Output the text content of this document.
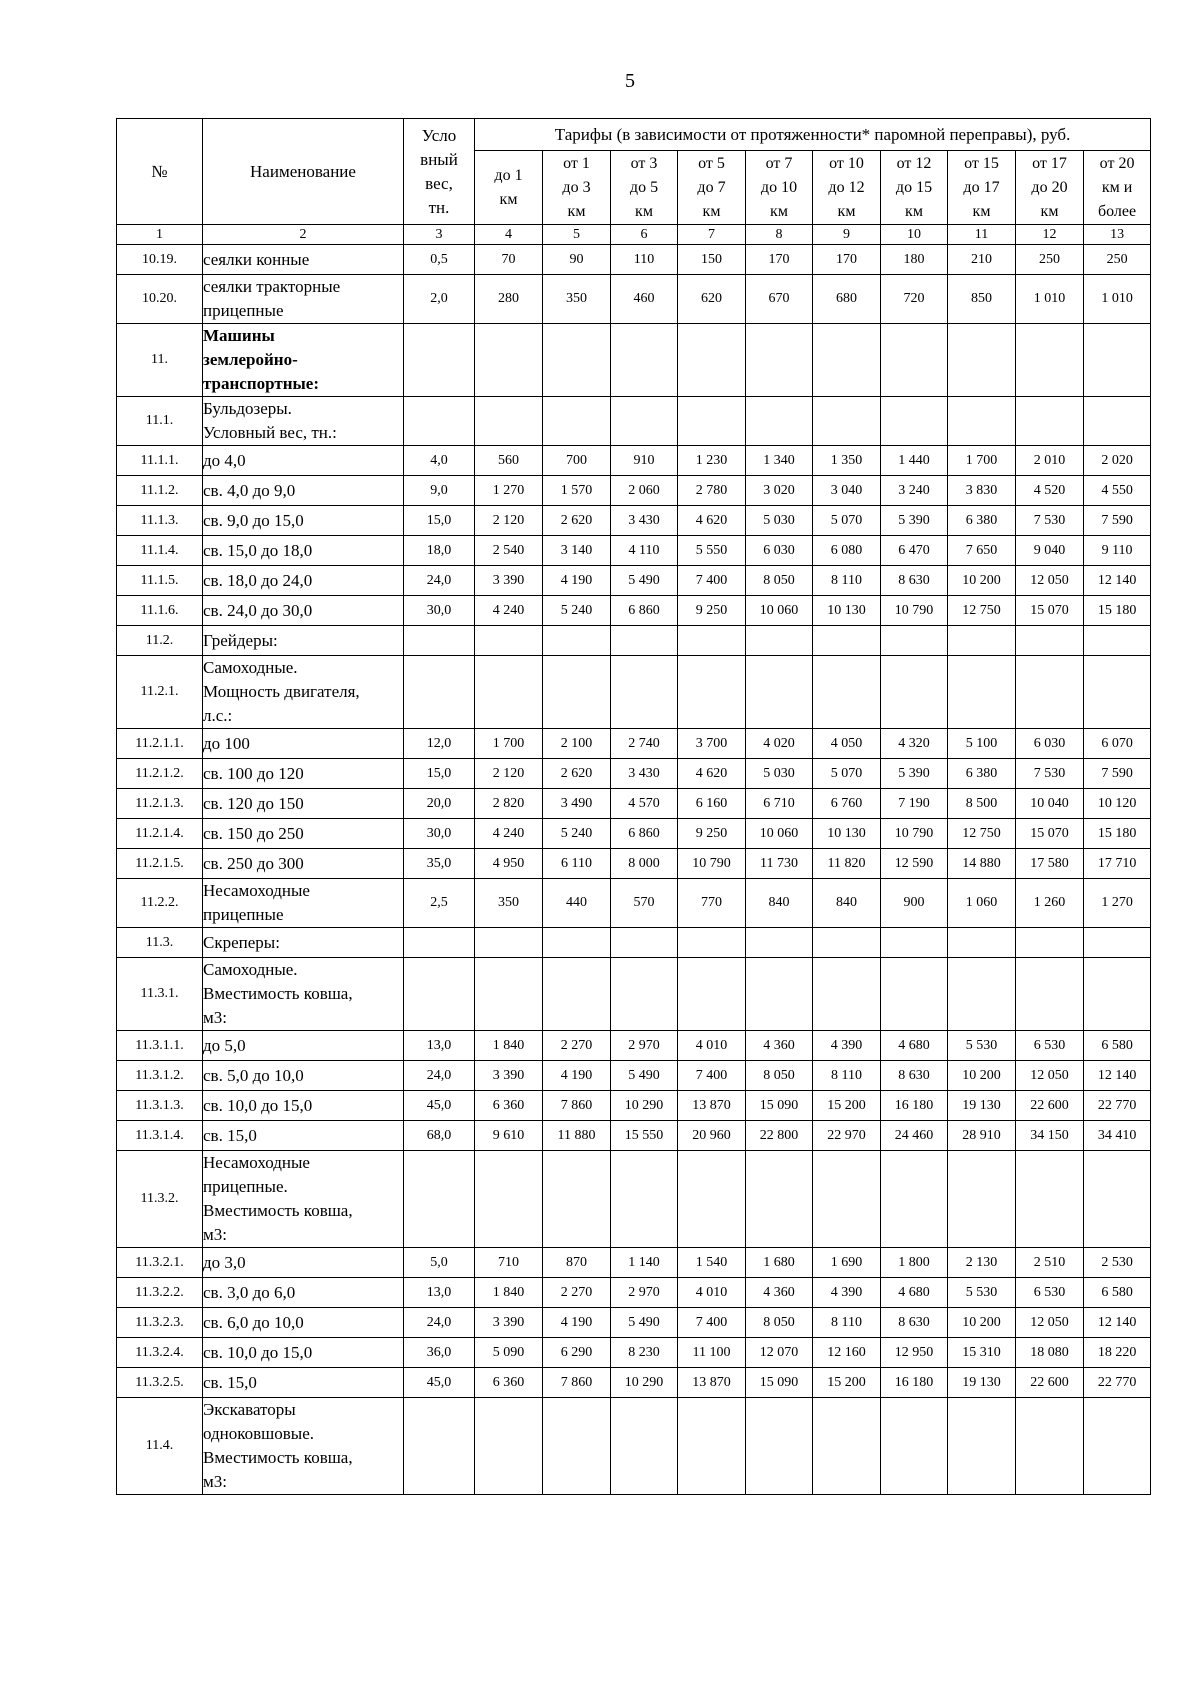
5
№	Наименование	Усло
вный
вес,
тн.	Тарифы (в зависимости от протяженности* паромной переправы), руб.									
			до 1
км	от 1
до 3
км	от 3
до 5
км	от 5
до 7
км	от 7
до 10
км	от 10
до 12
км	от 12
до 15
км	от 15
до 17
км	от 17
до 20
км	от 20
км и
более
1	2	3	4	5	6	7	8	9	10	11	12	13
10.19.	сеялки конные	0,5	70	90	110	150	170	170	180	210	250	250
10.20.	сеялки тракторные
прицепные	2,0	280	350	460	620	670	680	720	850	1 010	1 010
11.	Машины
землеройно-
транспортные:											
11.1.	Бульдозеры.
Условный вес, тн.:											
11.1.1.	до 4,0	4,0	560	700	910	1 230	1 340	1 350	1 440	1 700	2 010	2 020
11.1.2.	св. 4,0 до 9,0	9,0	1 270	1 570	2 060	2 780	3 020	3 040	3 240	3 830	4 520	4 550
11.1.3.	св. 9,0 до 15,0	15,0	2 120	2 620	3 430	4 620	5 030	5 070	5 390	6 380	7 530	7 590
11.1.4.	св. 15,0 до 18,0	18,0	2 540	3 140	4 110	5 550	6 030	6 080	6 470	7 650	9 040	9 110
11.1.5.	св. 18,0 до 24,0	24,0	3 390	4 190	5 490	7 400	8 050	8 110	8 630	10 200	12 050	12 140
11.1.6.	св. 24,0 до 30,0	30,0	4 240	5 240	6 860	9 250	10 060	10 130	10 790	12 750	15 070	15 180
11.2.	Грейдеры:											
11.2.1.	Самоходные.
Мощность двигателя,
л.с.:											
11.2.1.1.	до 100	12,0	1 700	2 100	2 740	3 700	4 020	4 050	4 320	5 100	6 030	6 070
11.2.1.2.	св. 100 до 120	15,0	2 120	2 620	3 430	4 620	5 030	5 070	5 390	6 380	7 530	7 590
11.2.1.3.	св. 120 до 150	20,0	2 820	3 490	4 570	6 160	6 710	6 760	7 190	8 500	10 040	10 120
11.2.1.4.	св. 150 до 250	30,0	4 240	5 240	6 860	9 250	10 060	10 130	10 790	12 750	15 070	15 180
11.2.1.5.	св. 250 до 300	35,0	4 950	6 110	8 000	10 790	11 730	11 820	12 590	14 880	17 580	17 710
11.2.2.	Несамоходные
прицепные	2,5	350	440	570	770	840	840	900	1 060	1 260	1 270
11.3.	Скреперы:											
11.3.1.	Самоходные.
Вместимость ковша,
м3:											
11.3.1.1.	до 5,0	13,0	1 840	2 270	2 970	4 010	4 360	4 390	4 680	5 530	6 530	6 580
11.3.1.2.	св. 5,0 до 10,0	24,0	3 390	4 190	5 490	7 400	8 050	8 110	8 630	10 200	12 050	12 140
11.3.1.3.	св. 10,0 до 15,0	45,0	6 360	7 860	10 290	13 870	15 090	15 200	16 180	19 130	22 600	22 770
11.3.1.4.	св. 15,0	68,0	9 610	11 880	15 550	20 960	22 800	22 970	24 460	28 910	34 150	34 410
11.3.2.	Несамоходные
прицепные.
Вместимость ковша,
м3:											
11.3.2.1.	до 3,0	5,0	710	870	1 140	1 540	1 680	1 690	1 800	2 130	2 510	2 530
11.3.2.2.	св. 3,0 до 6,0	13,0	1 840	2 270	2 970	4 010	4 360	4 390	4 680	5 530	6 530	6 580
11.3.2.3.	св. 6,0 до 10,0	24,0	3 390	4 190	5 490	7 400	8 050	8 110	8 630	10 200	12 050	12 140
11.3.2.4.	св. 10,0 до 15,0	36,0	5 090	6 290	8 230	11 100	12 070	12 160	12 950	15 310	18 080	18 220
11.3.2.5.	св. 15,0	45,0	6 360	7 860	10 290	13 870	15 090	15 200	16 180	19 130	22 600	22 770
11.4.	Экскаваторы
одноковшовые.
Вместимость ковша,
м3:											
